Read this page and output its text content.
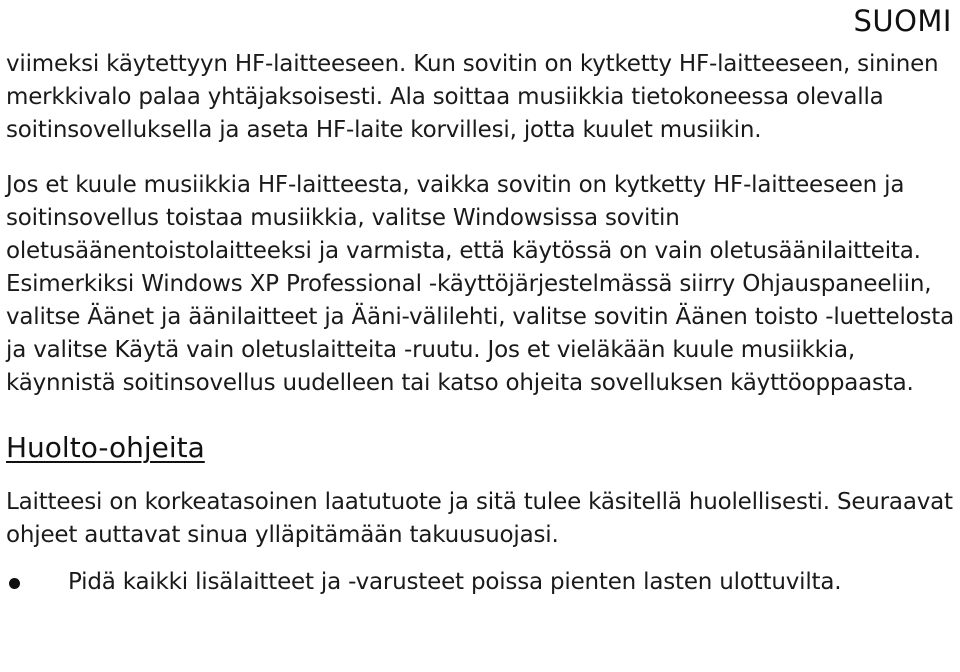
SUOMI

viimeksi käytettyyn HF-laitteeseen. Kun sovitin on kytketty HF-laitteeseen, sininen merkkivalo palaa yhtäjaksoisesti. Ala soittaa musiikkia tietokoneessa olevalla soitinsovelluksella ja aseta HF-laite korvillesi, jotta kuulet musiikin.

Jos et kuule musiikkia HF-laitteesta, vaikka sovitin on kytketty HF-laitteeseen ja soitinsovellus toistaa musiikkia, valitse Windowsissa sovitin oletusäänentoistolaitteeksi ja varmista, että käytössä on vain oletusäänilaitteita. Esimerkiksi Windows XP Professional -käyttöjärjestelmässä siirry Ohjauspaneeliin, valitse Äänet ja äänilaitteet ja Ääni-välilehti, valitse sovitin Äänen toisto -luettelosta ja valitse Käytä vain oletuslaitteita -ruutu. Jos et vieläkään kuule musiikkia, käynnistä soitinsovellus uudelleen tai katso ohjeita sovelluksen käyttöoppaasta.

Huolto-ohjeita

Laitteesi on korkeatasoinen laatutuote ja sitä tulee käsitellä huolellisesti. Seuraavat ohjeet auttavat sinua ylläpitämään takuusuojasi.

Pidä kaikki lisälaitteet ja -varusteet poissa pienten lasten ulottuvilta.
